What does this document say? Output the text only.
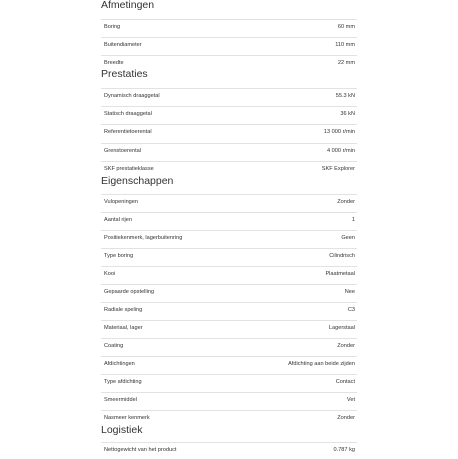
Afmetingen
Boring	60 mm
Buitendiameter	110 mm
Breedte	22 mm
Prestaties
Dynamisch draaggetal	55.3 kN
Statisch draaggetal	36 kN
Referentietoerental	13 000 r/min
Grenstoerental	4 000 r/min
SKF prestatieklasse	SKF Explorer
Eigenschappen
Vulopeningen	Zonder
Aantal rijen	1
Positiekenmerk, lagerbuitenring	Geen
Type boring	Cilindrisch
Kooi	Plaatmetaal
Gepaarde opstelling	Nee
Radiale speling	C3
Materiaal, lager	Lagerstaal
Coating	Zonder
Afdichtingen	Afdichting aan beide zijden
Type afdichting	Contact
Smeermiddel	Vet
Nasmeer kenmerk	Zonder
Logistiek
Nettogewicht van het product	0.787 kg
